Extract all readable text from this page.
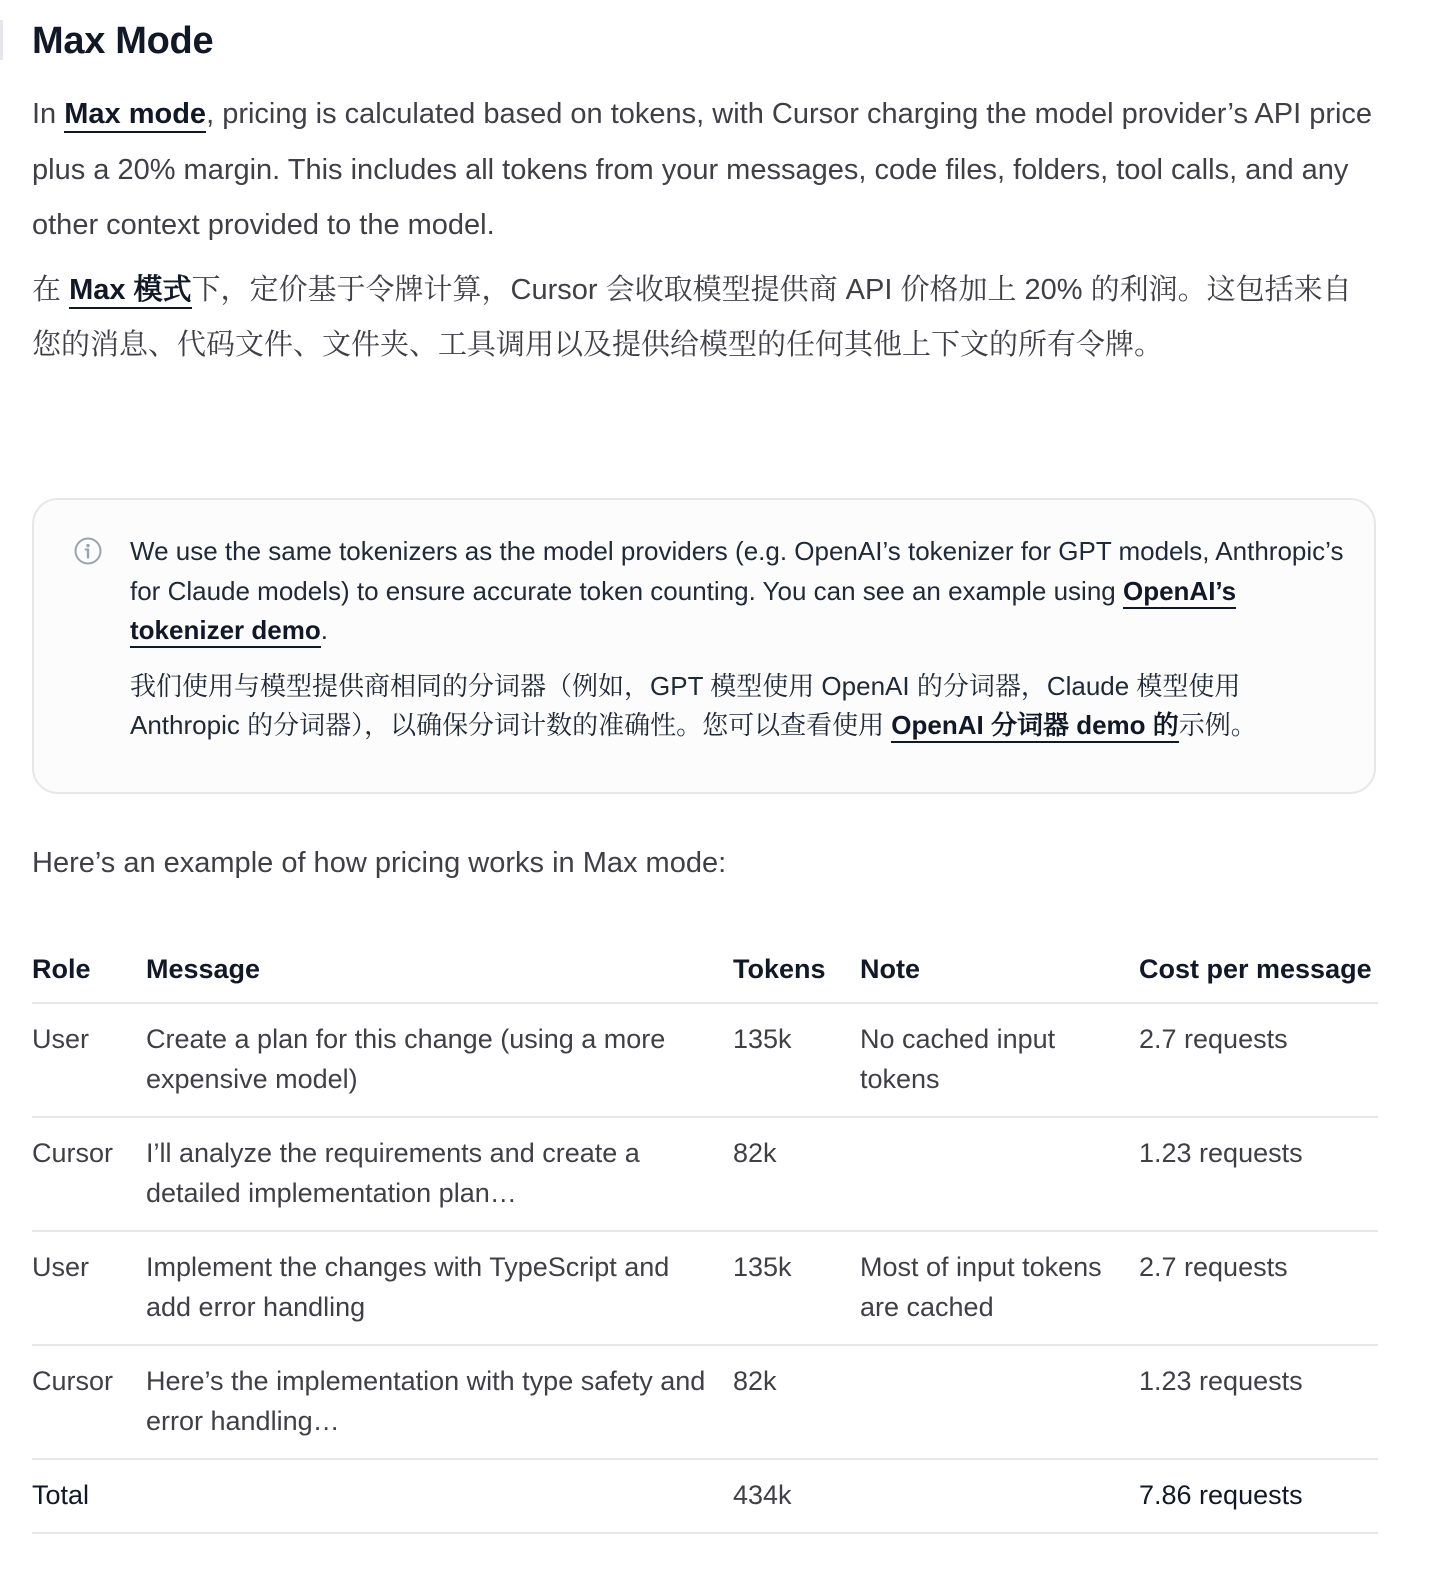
Max Mode

In Max mode, pricing is calculated based on tokens, with Cursor charging the model provider’s API price plus a 20% margin. This includes all tokens from your messages, code files, folders, tool calls, and any other context provided to the model.

在 Max 模式下，定价基于令牌计算，Cursor 会收取模型提供商 API 价格加上 20% 的利润。这包括来自您的消息、代码文件、文件夹、工具调用以及提供给模型的任何其他上下文的所有令牌。

We use the same tokenizers as the model providers (e.g. OpenAI’s tokenizer for GPT models, Anthropic’s for Claude models) to ensure accurate token counting. You can see an example using OpenAI’s tokenizer demo.

我们使用与模型提供商相同的分词器（例如，GPT 模型使用 OpenAI 的分词器，Claude 模型使用 Anthropic 的分词器），以确保分词计数的准确性。您可以查看使用 OpenAI 分词器 demo 的示例。

Here’s an example of how pricing works in Max mode:

Role	Message	Tokens	Note	Cost per message
User	Create a plan for this change (using a more expensive model)	135k	No cached input tokens	2.7 requests
Cursor	I’ll analyze the requirements and create a detailed implementation plan…	82k		1.23 requests
User	Implement the changes with TypeScript and add error handling	135k	Most of input tokens are cached	2.7 requests
Cursor	Here’s the implementation with type safety and error handling…	82k		1.23 requests
Total		434k		7.86 requests
